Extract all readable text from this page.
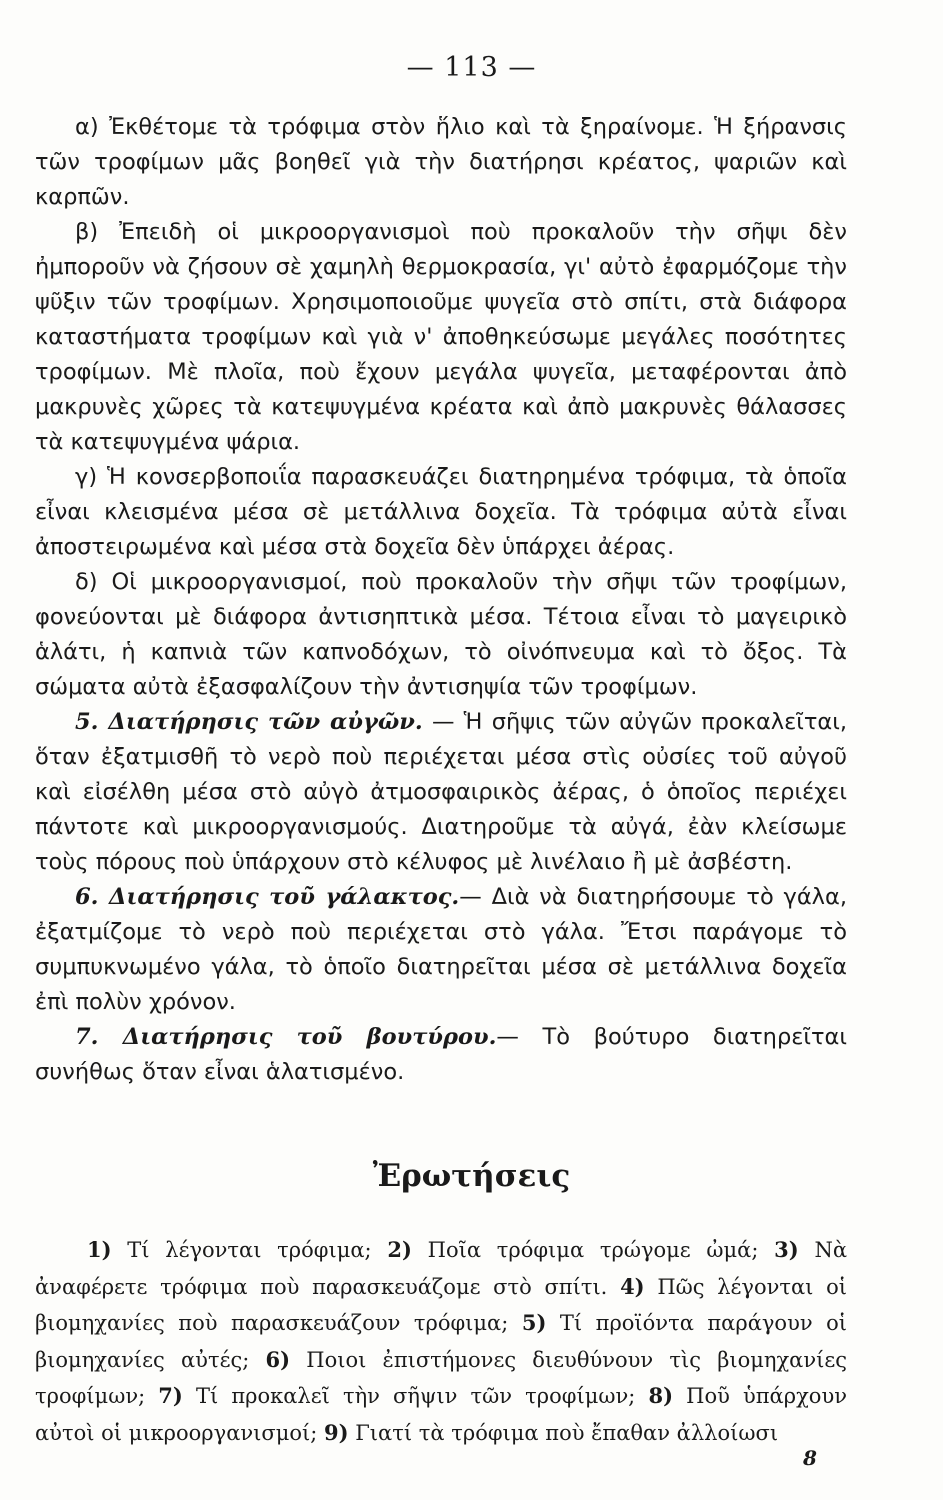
— 113 —

α) Ἐκθέτομε τὰ τρόφιμα στὸν ἥλιο καὶ τὰ ξηραίνομε. Ἡ ξήρανσις τῶν τροφίμων μᾶς βοηθεῖ γιὰ τὴν διατήρησι κρέατος, ψαριῶν καὶ καρπῶν.

β) Ἐπειδὴ οἱ μικροοργανισμοὶ ποὺ προκαλοῦν τὴν σῆψι δὲν ἠμποροῦν νὰ ζήσουν σὲ χαμηλὴ θερμοκρασία, γι' αὐτὸ ἐφαρμόζομε τὴν ψῦξιν τῶν τροφίμων. Χρησιμοποιοῦμε ψυγεῖα στὸ σπίτι, στὰ διάφορα καταστήματα τροφίμων καὶ γιὰ ν' ἀποθηκεύσωμε μεγάλες ποσότητες τροφίμων. Μὲ πλοῖα, ποὺ ἔχουν μεγάλα ψυγεῖα, μεταφέρονται ἀπὸ μακρυνὲς χῶρες τὰ κατεψυγμένα κρέατα καὶ ἀπὸ μακρυνὲς θάλασσες τὰ κατεψυγμένα ψάρια.

γ) Ἡ κονσερβοποιΐα παρασκευάζει διατηρημένα τρόφιμα, τὰ ὁποῖα εἶναι κλεισμένα μέσα σὲ μετάλλινα δοχεῖα. Τὰ τρόφιμα αὐτὰ εἶναι ἀποστειρωμένα καὶ μέσα στὰ δοχεῖα δὲν ὑπάρχει ἀέρας.

δ) Οἱ μικροοργανισμοί, ποὺ προκαλοῦν τὴν σῆψι τῶν τροφίμων, φονεύονται μὲ διάφορα ἀντισηπτικὰ μέσα. Τέτοια εἶναι τὸ μαγειρικὸ ἁλάτι, ἡ καπνιὰ τῶν καπνοδόχων, τὸ οἰνόπνευμα καὶ τὸ ὄξος. Τὰ σώματα αὐτὰ ἐξασφαλίζουν τὴν ἀντισηψία τῶν τροφίμων.

5. Διατήρησις τῶν αὐγῶν. — Ἡ σῆψις τῶν αὐγῶν προκαλεῖται, ὅταν ἐξατμισθῆ τὸ νερὸ ποὺ περιέχεται μέσα στὶς οὐσίες τοῦ αὐγοῦ καὶ εἰσέλθη μέσα στὸ αὐγὸ ἀτμοσφαιρικὸς ἀέρας, ὁ ὁποῖος περιέχει πάντοτε καὶ μικροοργανισμούς. Διατηροῦμε τὰ αὐγά, ἐὰν κλείσωμε τοὺς πόρους ποὺ ὑπάρχουν στὸ κέλυφος μὲ λινέλαιο ἢ μὲ ἀσβέστη.

6. Διατήρησις τοῦ γάλακτος.— Διὰ νὰ διατηρήσουμε τὸ γάλα, ἐξατμίζομε τὸ νερὸ ποὺ περιέχεται στὸ γάλα. Ἔτσι παράγομε τὸ συμπυκνωμένο γάλα, τὸ ὁποῖο διατηρεῖται μέσα σὲ μετάλλινα δοχεῖα ἐπὶ πολὺν χρόνον.

7. Διατήρησις τοῦ βουτύρου.— Τὸ βούτυρο διατηρεῖται συνήθως ὅταν εἶναι ἁλατισμένο.

Ἐρωτήσεις

1) Τί λέγονται τρόφιμα; 2) Ποῖα τρόφιμα τρώγομε ὠμά; 3) Νὰ ἀναφέρετε τρόφιμα ποὺ παρασκευάζομε στὸ σπίτι. 4) Πῶς λέγονται οἱ βιομηχανίες ποὺ παρασκευάζουν τρόφιμα; 5) Τί προϊόντα παράγουν οἱ βιομηχανίες αὐτές; 6) Ποιοι ἐπιστήμονες διευθύνουν τὶς βιομηχανίες τροφίμων; 7) Τί προκαλεῖ τὴν σῆψιν τῶν τροφίμων; 8) Ποῦ ὑπάρχουν αὐτοὶ οἱ μικροοργανισμοί; 9) Γιατί τὰ τρόφιμα ποὺ ἔπαθαν ἀλλοίωσι

8
